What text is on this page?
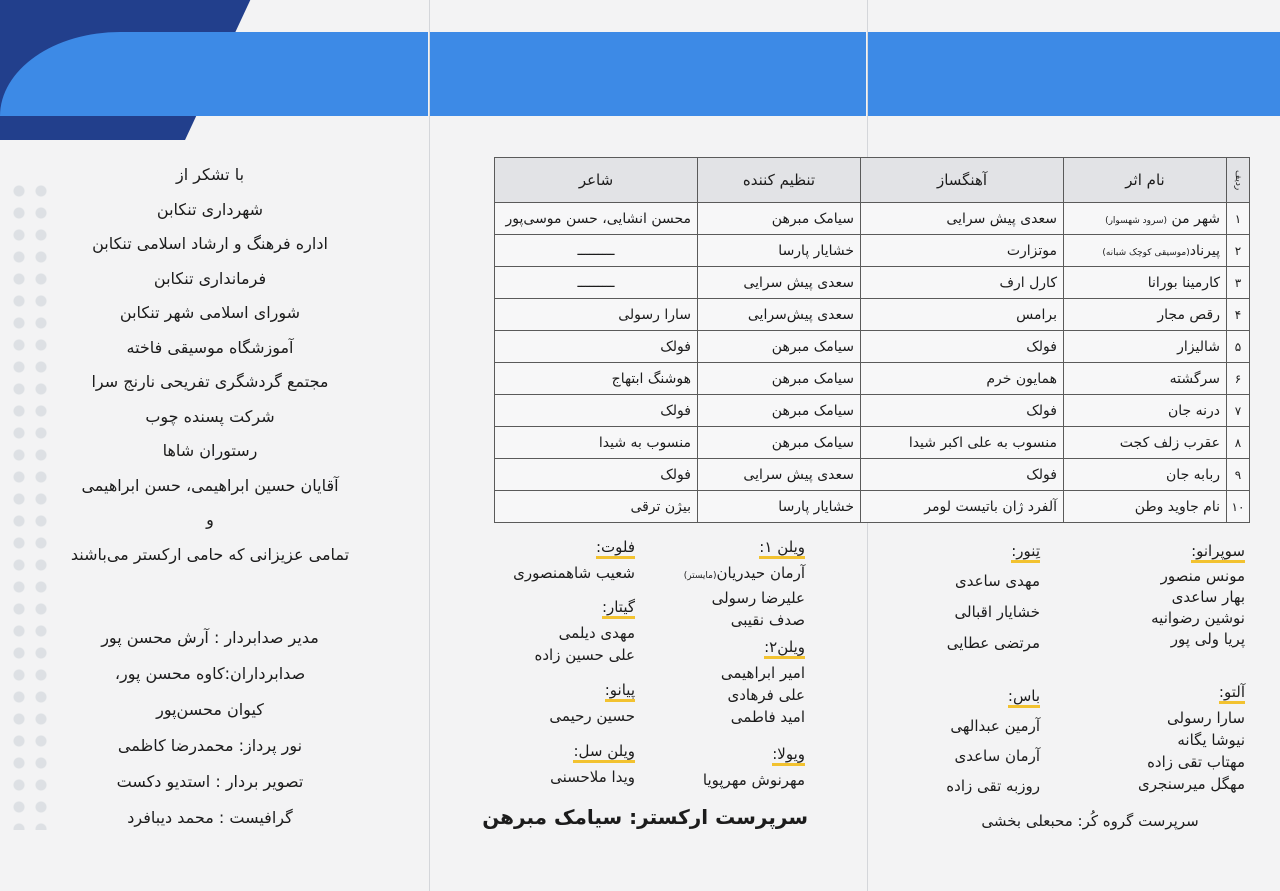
با تشکر از
شهرداری تنکابن
اداره فرهنگ و ارشاد اسلامی تنکابن
فرمانداری تنکابن
شورای اسلامی شهر تنکابن
آموزشگاه موسیقی فاخته
مجتمع گردشگری تفریحی نارنج سرا
شرکت پسنده چوب
رستوران شاها
آقایان حسین ابراهیمی، حسن ابراهیمی
و
تمامی عزیزانی که حامی ارکستر می‌باشند
مدیر صدابردار : آرش محسن پور
صدابرداران:کاوه محسن پور،
کیوان محسن‌پور
نور پرداز: محمدرضا کاظمی
تصویر بردار : استدیو دکست
گرافیست : محمد دیبافرد
ردیف	نام اثر	آهنگساز	تنظیم کننده	شاعر
۱	شهر من (سرود شهسوار)	سعدی پیش سرایی	سیامک مبرهن	محسن انشایی، حسن موسی‌پور
۲	پیرناد(موسیقی کوچک شبانه)	موتزارت	خشایار پارسا	ـــــــــ
۳	کارمینا بورانا	کارل ارف	سعدی پیش سرایی	ـــــــــ
۴	رقص مجار	برامس	سعدی پیش‌سرایی	سارا رسولی
۵	شالیزار	فولک	سیامک مبرهن	فولک
۶	سرگشته	همایون خرم	سیامک مبرهن	هوشنگ ابتهاج
۷	درنه جان	فولک	سیامک مبرهن	فولک
۸	عقرب زلف کجت	منسوب به علی اکبر شیدا	سیامک مبرهن	منسوب به شیدا
۹	ربابه جان	فولک	سعدی پیش سرایی	فولک
۱۰	نام جاوید وطن	آلفرد ژان باتیست لومر	خشایار پارسا	بیژن ترقی
سوپرانو:
مونس منصور
بهار ساعدی
نوشین رضوانیه
پریا ولی پور
تِنور:
مهدی ساعدی
خشایار اقبالی
مرتضی عطایی
آلتو:
سارا رسولی
نیوشا یگانه
مهتاب تقی زاده
مهگل میرسنجری
باس:
آرمین عبدالهی
آرمان ساعدی
روزبه تقی زاده
ویلن ۱:
آرمان حیدریان(مایستر)
علیرضا رسولی
صدف نقیبی
ویلن۲:
امیر ابراهیمی
علی فرهادی
امید فاطمی
ویولا:
مهرنوش مهرپویا
فلوت:
شعیب شاهمنصوری
گیتار:
مهدی دیلمی
علی حسین زاده
پیانو:
حسین رحیمی
ویلن سل:
ویدا ملاحسنی
سرپرست ارکستر: سیامک مبرهن	سرپرست گروه کُر: محبعلی بخشی
